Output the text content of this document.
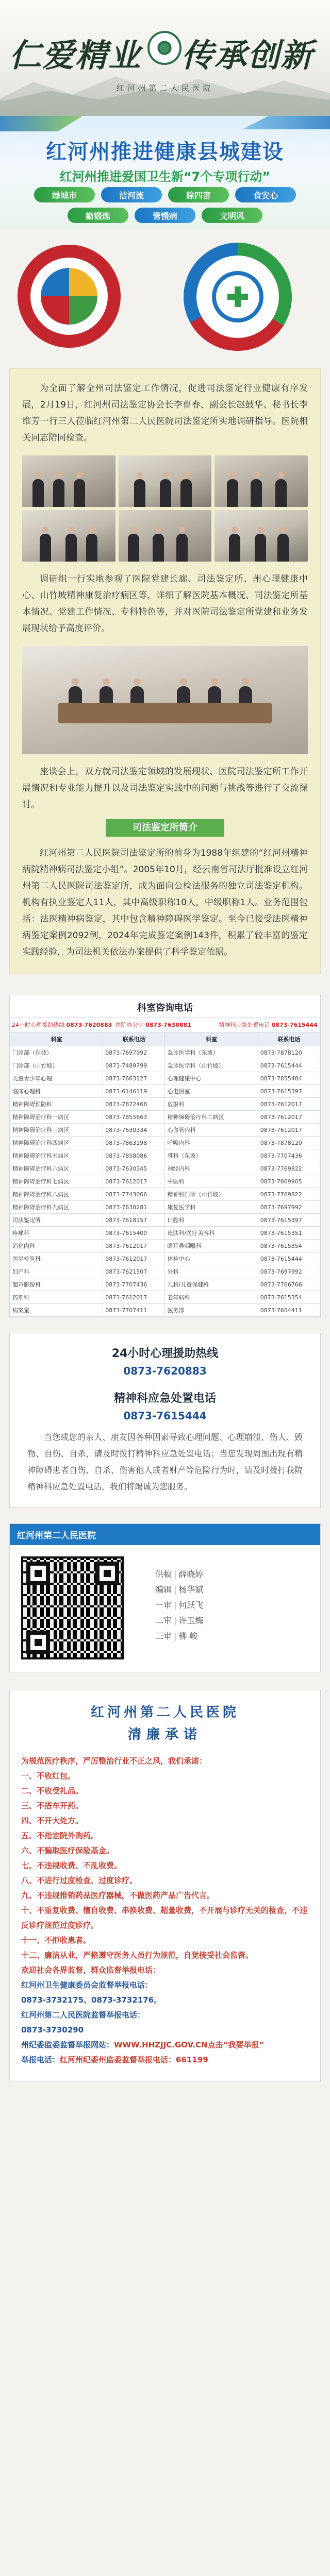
仁爱精业 传承创新
红河州第二人民医院
红河州推进健康县城建设
红河州推进爱国卫生新“7个专项行动”
绿城市	洁河流	除四害	食安心
勤锻炼	管慢病	文明风

为全面了解全州司法鉴定工作情况，促进司法鉴定行业健康有序发展，2月19日，红河州司法鉴定协会长李曹春、副会长赵鼓华、秘书长李维芳一行三人莅临红河州第二人民医院司法鉴定所实地调研指导。医院相关同志陪同检查。

调研组一行实地参观了医院党建长廊、司法鉴定所、州心理健康中心、山竹坡精神康复治疗病区等，详细了解医院基本概况、司法鉴定所基本情况、党建工作情况、专科特色等，并对医院司法鉴定所党建和业务发展现状给予高度评价。

座谈会上，双方就司法鉴定领域的发展现状、医院司法鉴定所工作开展情况和专业能力提升以及司法鉴定实践中的问题与挑战等进行了交流探讨。

司法鉴定所简介

红河州第二人民医院司法鉴定所的前身为1988年组建的“红河州精神病院精神病司法鉴定小组”。2005年10月，经云南省司法厅批准设立红河州第二人民医院司法鉴定所，成为面向公检法服务的独立司法鉴定机构。机构有执业鉴定人11人，其中高级职称10人，中级职称1人。业务范围包括：法医精神病鉴定，其中包含精神障碍医学鉴定。至今已接受法医精神病鉴定案例2092例，2024年完成鉴定案例143件，积累了较丰富的鉴定实践经验，为司法机关依法办案提供了科学鉴定依据。

科室咨询电话
24小时心理援助热线 0873-7620883 医院办公室 0873-7630881	精神科应急处置电话 0873-7615444
科室	联系电话	科室	联系电话
门诊部（东坡）	0873-7697992	急诊医学科（东坡）	0873-7878120
门诊部（山竹坡）	0873-7489799	急诊医学科（山竹坡）	0873-7615444
儿童青少年心理	0873-7663127	心理健康中心	0873-7855484
临床心理科	0873-6146119	心电图室	0873-7615397
精神障碍预防科	0873-7872468	放射科	0873-7612017
精神障碍治疗科一病区	0873-7855663	精神障碍治疗科二病区	0873-7612017
精神障碍治疗科三病区	0873-7630334	心血管内科	0873-7612017
精神障碍治疗科四病区	0873-7863198	呼吸内科	0873-7878120
精神障碍治疗科五病区	0873-7858086	骨科（东坡）	0873-7707436
精神障碍治疗科六病区	0873-7630345	神经内科	0873-7769822
精神障碍治疗科七病区	0873-7612017	中医科	0873-7669905
精神障碍治疗科八病区	0873-7743066	精神科门诊（山竹坡）	0873-7769822
精神障碍治疗科九病区	0873-7630281	康复医学科	0873-7697992
司法鉴定所	0873-7618157	口腔科	0873-7615397
疼痛科	0873-7615400	皮肤科/医疗美容科	0873-7615351
消化内科	0873-7612017	眼耳鼻咽喉科	0873-7615354
医学检验科	0873-7612017	体检中心	0873-7615444
妇产科	0873-7621507	外科	0873-7697992
超声影像科	0873-7707436	儿科/儿童保健科	0873-7766766
药剂科	0873-7612017	老年病科	0873-7615354
病案室	0873-7707411	医务部	0873-7654411
24小时心理援助热线
0873-7620883
精神科应急处置电话
0873-7615444

当您或您的亲人、朋友因各种因素导致心理问题、心理崩溃、伤人、毁物、自伤、自杀，请及时拨打精神科应急处置电话；当您发现周围出现有精神障碍患者自伤、自杀、伤害他人或者财产等危险行为时，请及时拨打我院精神科应急处置电话，我们将竭诚为您服务。

红河州第二人民医院
供稿 | 薛晓婷
编辑 | 杨华斌
一审 | 何跃飞
二审 | 许玉梅
三审 | 柳 峻
红河州第二人民医院
清廉承诺
为规范医疗秩序，严厉整治行业不正之风，我们承诺：
一、不收红包。
二、不收受礼品。
三、不搭车开药。
四、不开大处方。
五、不指定院外购药。
六、不骗取医疗保险基金。
七、不违规收费、不乱收费。
八、不进行过度检查、过度诊疗。
九、不违规推销药品医疗器械，不做医药产品广告代言。
十、不重复收费、擅自收费、串换收费、超量收费，不开展与诊疗无关的检查，不违反诊疗规范过度诊疗。
十一、不拒收患者。
十二、廉洁从业，严格遵守医务人员行为规范，自觉接受社会监督。
欢迎社会各界监督，群众监督举报电话：
红河州卫生健康委员会监督举报电话：
0873-3732175、0873-3732176。
红河州第二人民医院监督举报电话：
0873-3730290
州纪委监委监督举报网站：WWW.HHZJJC.GOV.CN点击“我要举报”
举报电话：红河州纪委州监委监督举报电话：661199
